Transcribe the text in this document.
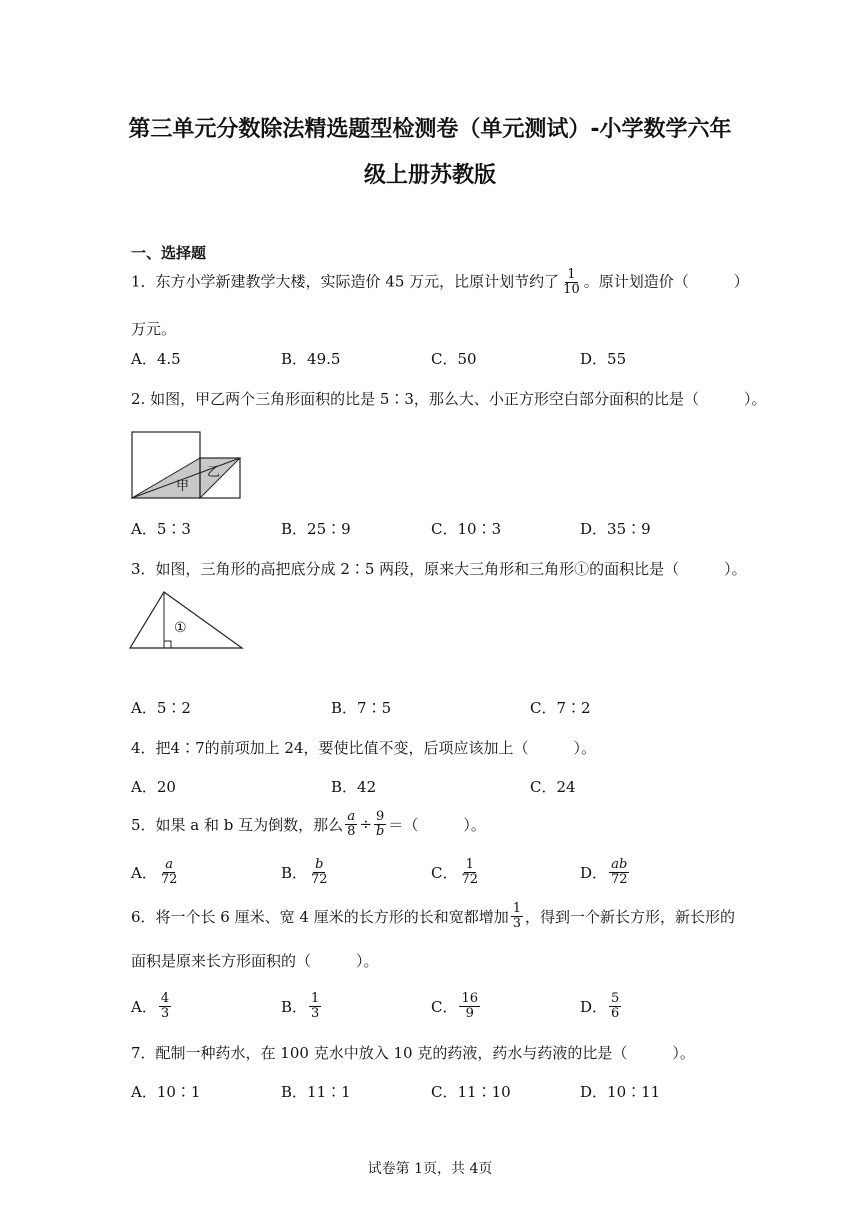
第三单元分数除法精选题型检测卷（单元测试）-小学数学六年
级上册苏教版
一、选择题
1．东方小学新建教学大楼，实际造价 45 万元，比原计划节约了 $\frac{1}{10}$ 。原计划造价（　　　）
万元。
A．4.5	B．49.5	C．50	D．55
2. 如图，甲乙两个三角形面积的比是 5∶3，那么大、小正方形空白部分面积的比是（　　　）。
甲
乙
A．5∶3	B．25∶9	C．10∶3	D．35∶9
3．如图，三角形的高把底分成 2∶5 两段，原来大三角形和三角形①的面积比是（　　　）。
①
A．5∶2	B．7∶5	C．7∶2
4．把4∶7的前项加上 24，要使比值不变，后项应该加上（　　　）。
A．20	B．42	C．24
5．如果 a 和 b 互为倒数，那么 $\frac{a}{8} \div \frac{9}{b}$ ＝（　　　）。
A． $\frac{a}{72}$	B． $\frac{b}{72}$	C． $\frac{1}{72}$	D． $\frac{ab}{72}$
6．将一个长 6 厘米、宽 4 厘米的长方形的长和宽都增加 $\frac{1}{3}$ ，得到一个新长方形，新长形的
面积是原来长方形面积的（　　　）。
A． $\frac{4}{3}$	B． $\frac{1}{3}$	C． $\frac{16}{9}$	D． $\frac{5}{6}$
7．配制一种药水，在 100 克水中放入 10 克的药液，药水与药液的比是（　　　）。
A．10∶1	B．11∶1	C．11∶10	D．10∶11
试卷第 1页，共 4页
